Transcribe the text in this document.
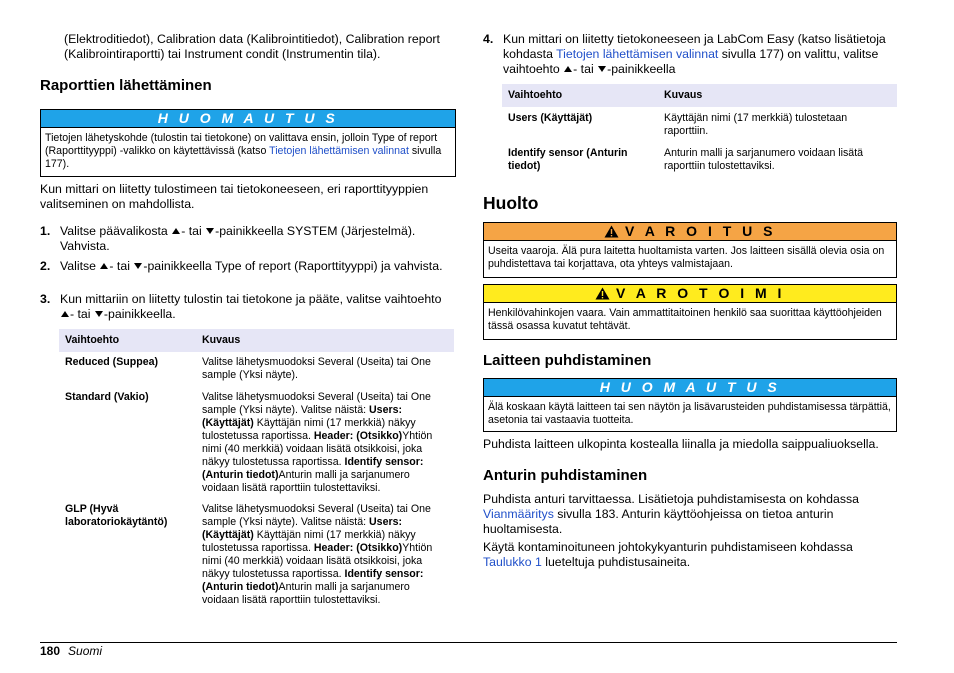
(Elektroditiedot), Calibration data (Kalibrointitiedot), Calibration report (Kalibrointiraportti) tai Instrument condit (Instrumentin tila).

Raporttien lähettäminen
H U O M A U T U S
Tietojen lähetyskohde (tulostin tai tietokone) on valittava ensin, jolloin Type of report (Raporttityyppi) -valikko on käytettävissä (katso Tietojen lähettämisen valinnat sivulla 177).

Kun mittari on liitetty tulostimeen tai tietokoneeseen, eri raporttityyppien valitseminen on mahdollista.

1. Valitse päävalikosta - tai -painikkeella SYSTEM (Järjestelmä). Vahvista.
2. Valitse - tai -painikkeella Type of report (Raporttityyppi) ja vahvista.
3. Kun mittariin on liitetty tulostin tai tietokone ja pääte, valitse vaihtoehto - tai -painikkeella.
Vaihtoehto	Kuvaus
Reduced (Suppea)	Valitse lähetysmuodoksi Several (Useita) tai One sample (Yksi näyte).
Standard (Vakio)	Valitse lähetysmuodoksi Several (Useita) tai One sample (Yksi näyte). Valitse näistä: Users: (Käyttäjät) Käyttäjän nimi (17 merkkiä) näkyy tulostetussa raportissa. Header: (Otsikko)Yhtiön nimi (40 merkkiä) voidaan lisätä otsikkoisi, joka näkyy tulostetussa raportissa. Identify sensor: (Anturin tiedot)Anturin malli ja sarjanumero voidaan lisätä raporttiin tulostettaviksi.
GLP (Hyvä laboratoriokäytäntö)	Valitse lähetysmuodoksi Several (Useita) tai One sample (Yksi näyte). Valitse näistä: Users: (Käyttäjät) Käyttäjän nimi (17 merkkiä) näkyy tulostetussa raportissa. Header: (Otsikko)Yhtiön nimi (40 merkkiä) voidaan lisätä otsikkoisi, joka näkyy tulostetussa raportissa. Identify sensor: (Anturin tiedot)Anturin malli ja sarjanumero voidaan lisätä raporttiin tulostettaviksi.
4. Kun mittari on liitetty tietokoneeseen ja LabCom Easy (katso lisätietoja kohdasta Tietojen lähettämisen valinnat sivulla 177) on valittu, valitse vaihtoehto - tai -painikkeella
Vaihtoehto	Kuvaus
Users (Käyttäjät)	Käyttäjän nimi (17 merkkiä) tulostetaan raporttiin.
Identify sensor (Anturin tiedot)	Anturin malli ja sarjanumero voidaan lisätä raporttiin tulostettaviksi.
Huolto
V A R O I T U S
Useita vaaroja. Älä pura laitetta huoltamista varten. Jos laitteen sisällä olevia osia on puhdistettava tai korjattava, ota yhteys valmistajaan.
V A R O T O I M I
Henkilövahinkojen vaara. Vain ammattitaitoinen henkilö saa suorittaa käyttöohjeiden tässä osassa kuvatut tehtävät.
Laitteen puhdistaminen
H U O M A U T U S
Älä koskaan käytä laitteen tai sen näytön ja lisävarusteiden puhdistamisessa tärpättiä, asetonia tai vastaavia tuotteita.

Puhdista laitteen ulkopinta kostealla liinalla ja miedolla saippualiuoksella.

Anturin puhdistaminen

Puhdista anturi tarvittaessa. Lisätietoja puhdistamisesta on kohdassa Vianmääritys sivulla 183. Anturin käyttöohjeissa on tietoa anturin huoltamisesta.

Käytä kontaminoituneen johtokykyanturin puhdistamiseen kohdassa Taulukko 1 lueteltuja puhdistusaineita.

180 Suomi
